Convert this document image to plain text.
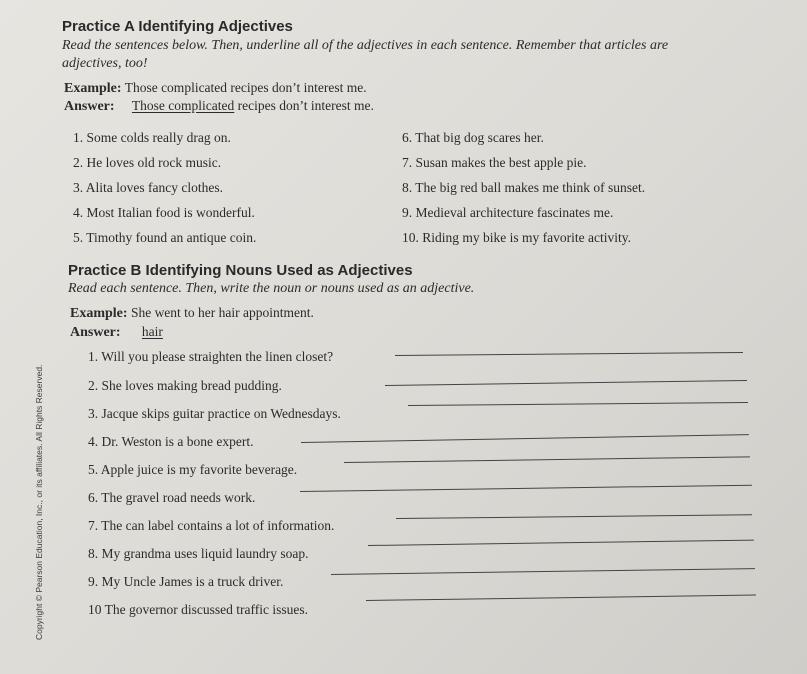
Practice A Identifying Adjectives
Read the sentences below. Then, underline all of the adjectives in each sentence. Remember that articles are
adjectives, too!
Example: Those complicated recipes don’t interest me.
Answer: Those complicated recipes don’t interest me.
1. Some colds really drag on.
2. He loves old rock music.
3. Alita loves fancy clothes.
4. Most Italian food is wonderful.
5. Timothy found an antique coin.
6. That big dog scares her.
7. Susan makes the best apple pie.
8. The big red ball makes me think of sunset.
9. Medieval architecture fascinates me.
10. Riding my bike is my favorite activity.
Practice B Identifying Nouns Used as Adjectives
Read each sentence. Then, write the noun or nouns used as an adjective.
Example: She went to her hair appointment.
Answer: hair
1. Will you please straighten the linen closet?
2. She loves making bread pudding.
3. Jacque skips guitar practice on Wednesdays.
4. Dr. Weston is a bone expert.
5. Apple juice is my favorite beverage.
6. The gravel road needs work.
7. The can label contains a lot of information.
8. My grandma uses liquid laundry soap.
9. My Uncle James is a truck driver.
10 The governor discussed traffic issues.
Copyright © Pearson Education, Inc., or its affiliates. All Rights Reserved.
